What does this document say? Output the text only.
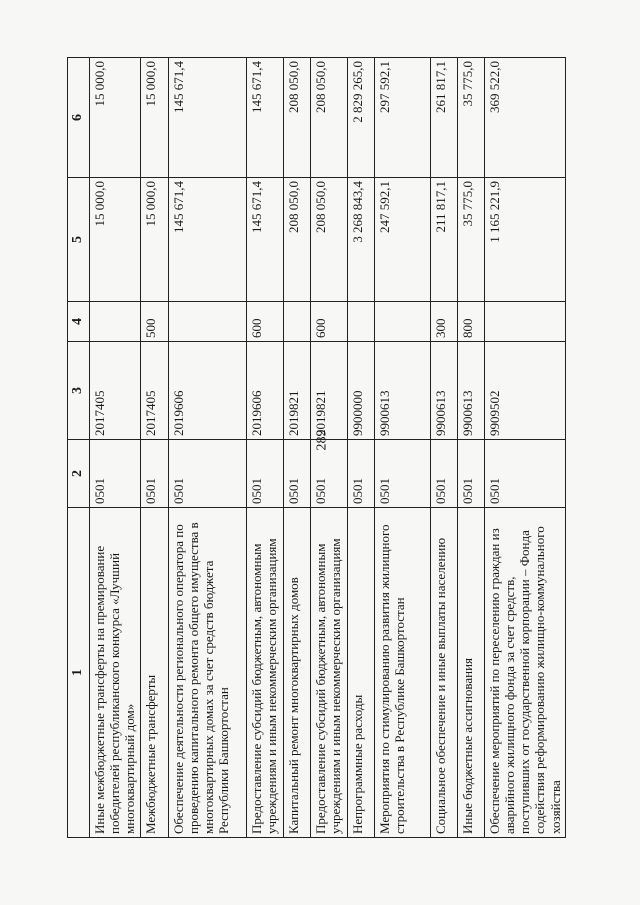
289
1	2	3	4	5	6
Иные межбюджетные трансферты на премирование победителей республиканского конкурса «Лучший многоквартирный дом»	0501	2017405		15 000,0	15 000,0
Межбюджетные трансферты	0501	2017405	500	15 000,0	15 000,0
Обеспечение деятельности регионального оператора по проведению капитального ремонта общего имущества в многоквартирных домах за счет средств бюджета Республики Башкортостан	0501	2019606		145 671,4	145 671,4
Предоставление субсидий бюджетным, автономным учреждениям и иным некоммерческим организациям	0501	2019606	600	145 671,4	145 671,4
Капитальный ремонт многоквартирных домов	0501	2019821		208 050,0	208 050,0
Предоставление субсидий бюджетным, автономным учреждениям и иным некоммерческим организациям	0501	2019821	600	208 050,0	208 050,0
Непрограммные расходы	0501	9900000		3 268 843,4	2 829 265,0
Мероприятия по стимулированию развития жилищного строительства в Республике Башкортостан	0501	9900613		247 592,1	297 592,1
Социальное обеспечение и иные выплаты населению	0501	9900613	300	211 817,1	261 817,1
Иные бюджетные ассигнования	0501	9900613	800	35 775,0	35 775,0
Обеспечение мероприятий по переселению граждан из аварийного жилищного фонда за счет средств, поступивших от государственной корпорации – Фонда содействия реформированию жилищно-коммунального хозяйства	0501	9909502		1 165 221,9	369 522,0
